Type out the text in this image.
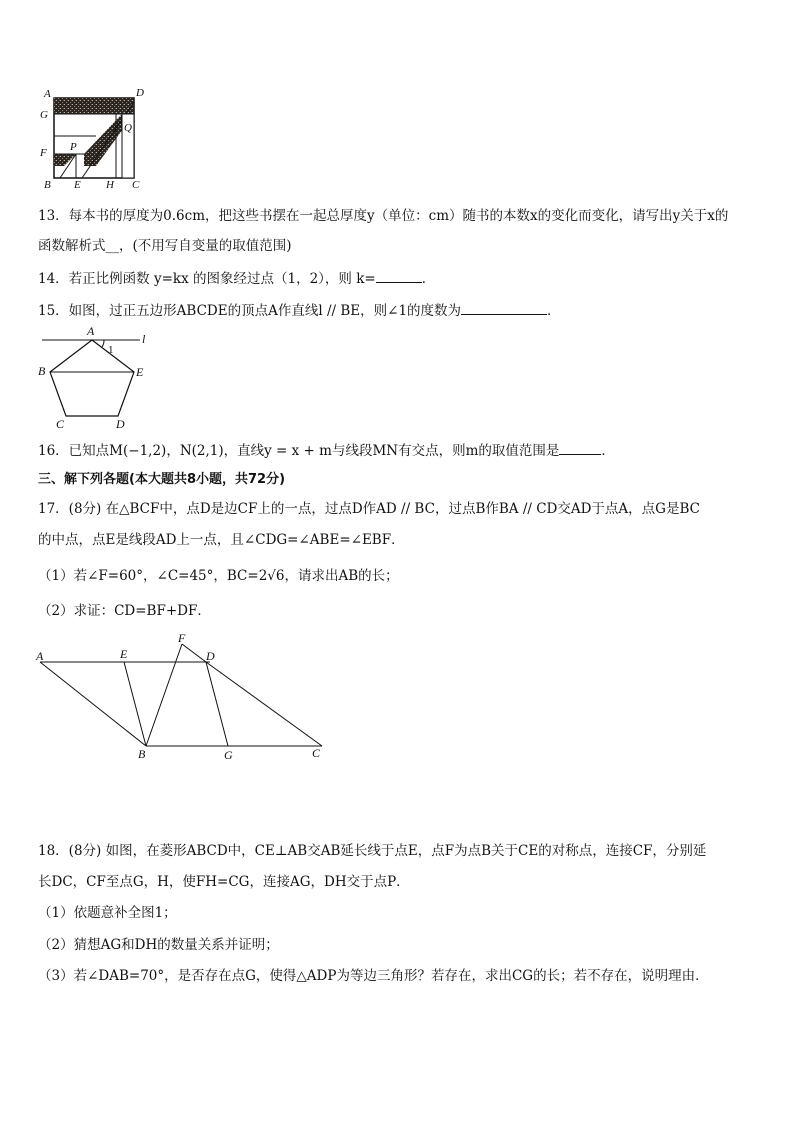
A	D
G
Q
F P
B E H C
13．每本书的厚度为0.6cm，把这些书摆在一起总厚度y（单位：cm）随书的本数x的变化而变化，请写出y关于x的
函数解析式__，(不用写自变量的取值范围)
14．若正比例函数 y=kx 的图象经过点（1，2），则 k=	．
15．如图，过正五边形ABCDE的顶点A作直线l // BE，则∠1的度数为	．
A
l
1
B	E
C	D
16．已知点M(−1,2)，N(2,1)，直线y = x + m与线段MN有交点，则m的取值范围是	．
三、解下列各题(本大题共8小题，共72分)
17．(8分) 在△BCF中，点D是边CF上的一点，过点D作AD // BC，过点B作BA // CD交AD于点A，点G是BC
的中点，点E是线段AD上一点，且∠CDG=∠ABE=∠EBF．
（1）若∠F=60°，∠C=45°，BC=2√6，请求出AB的长；
（2）求证：CD=BF+DF．
A	E
F
D
B	G	C
18．(8分) 如图，在菱形ABCD中，CE⊥AB交AB延长线于点E，点F为点B关于CE的对称点，连接CF，分别延
长DC，CF至点G，H，使FH=CG，连接AG，DH交于点P．
（1）依题意补全图1；
（2）猜想AG和DH的数量关系并证明；
（3）若∠DAB=70°，是否存在点G，使得△ADP为等边三角形？若存在，求出CG的长；若不存在，说明理由．
